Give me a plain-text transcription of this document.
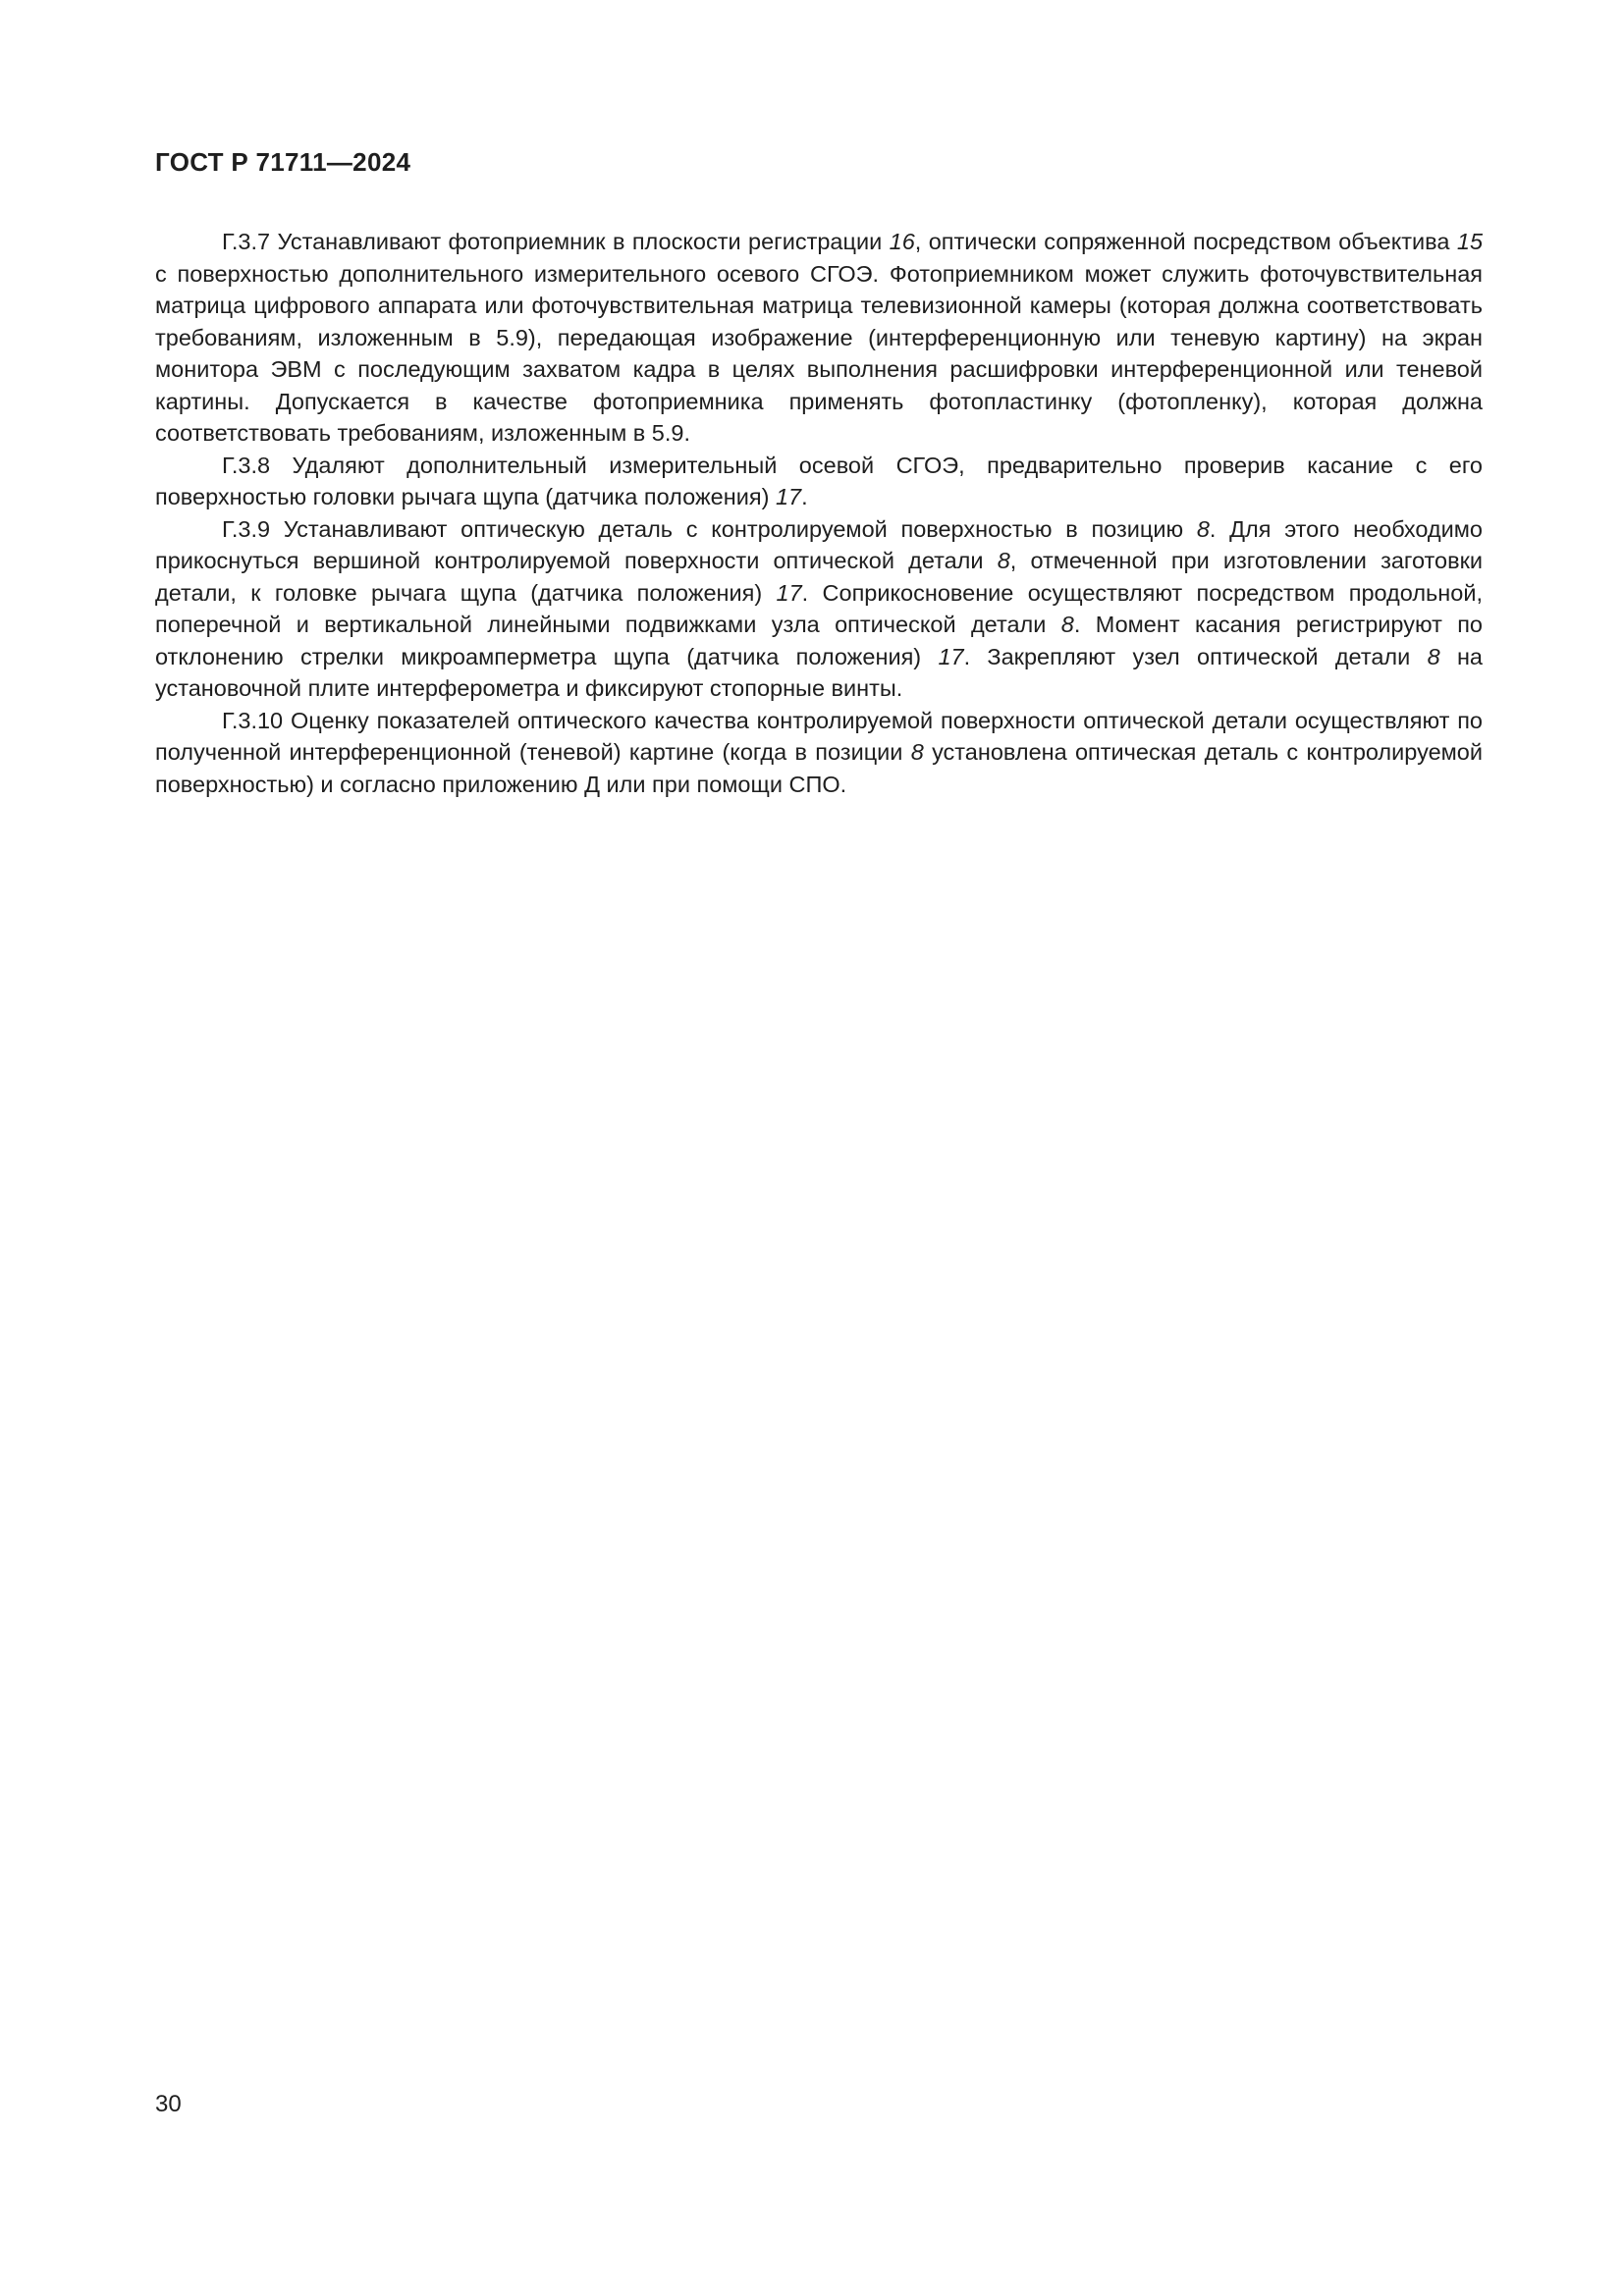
ГОСТ Р 71711—2024

Г.3.7 Устанавливают фотоприемник в плоскости регистрации 16, оптически сопряженной посредством объектива 15 с поверхностью дополнительного измерительного осевого СГОЭ. Фотоприемником может служить фоточувствительная матрица цифрового аппарата или фоточувствительная матрица телевизионной камеры (которая должна соответствовать требованиям, изложенным в 5.9), передающая изображение (интерференционную или теневую картину) на экран монитора ЭВМ с последующим захватом кадра в целях выполнения расшифровки интерференционной или теневой картины. Допускается в качестве фотоприемника применять фотопластинку (фотопленку), которая должна соответствовать требованиям, изложенным в 5.9.

Г.3.8 Удаляют дополнительный измерительный осевой СГОЭ, предварительно проверив касание с его поверхностью головки рычага щупа (датчика положения) 17.

Г.3.9 Устанавливают оптическую деталь с контролируемой поверхностью в позицию 8. Для этого необходимо прикоснуться вершиной контролируемой поверхности оптической детали 8, отмеченной при изготовлении заготовки детали, к головке рычага щупа (датчика положения) 17. Соприкосновение осуществляют посредством продольной, поперечной и вертикальной линейными подвижками узла оптической детали 8. Момент касания регистрируют по отклонению стрелки микроамперметра щупа (датчика положения) 17. Закрепляют узел оптической детали 8 на установочной плите интерферометра и фиксируют стопорные винты.

Г.3.10 Оценку показателей оптического качества контролируемой поверхности оптической детали осуществляют по полученной интерференционной (теневой) картине (когда в позиции 8 установлена оптическая деталь с контролируемой поверхностью) и согласно приложению Д или при помощи СПО.

30
